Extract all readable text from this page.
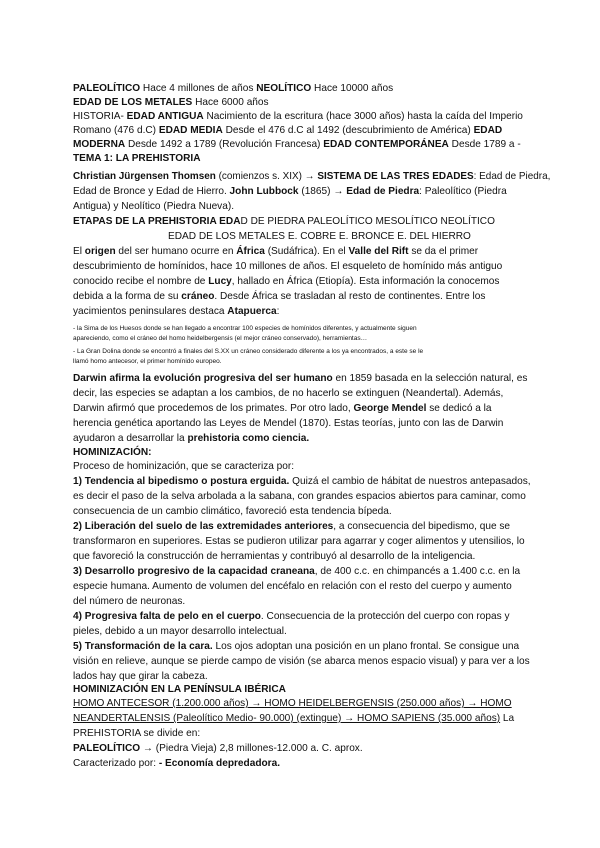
PALEOLÍTICO Hace 4 millones de años NEOLÍTICO Hace 10000 años
EDAD DE LOS METALES Hace 6000 años
HISTORIA- EDAD ANTIGUA Nacimiento de la escritura (hace 3000 años) hasta la caída del Imperio
Romano (476 d.C) EDAD MEDIA Desde el 476 d.C al 1492 (descubrimiento de América) EDAD
MODERNA Desde 1492 a 1789 (Revolución Francesa) EDAD CONTEMPORÁNEA Desde 1789 a -
TEMA 1: LA PREHISTORIA
Christian Jürgensen Thomsen (comienzos s. XIX) → SISTEMA DE LAS TRES EDADES: Edad de Piedra,
Edad de Bronce y Edad de Hierro. John Lubbock (1865) → Edad de Piedra: Paleolítico (Piedra
Antigua) y Neolítico (Piedra Nueva).
ETAPAS DE LA PREHISTORIA EDAD DE PIEDRA PALEOLÍTICO MESOLÍTICO NEOLÍTICO
EDAD DE LOS METALES E. COBRE E. BRONCE E. DEL HIERRO
El origen del ser humano ocurre en África (Sudáfrica). En el Valle del Rift se da el primer
descubrimiento de homínidos, hace 10 millones de años. El esqueleto de homínido más antiguo
conocido recibe el nombre de Lucy, hallado en África (Etiopía). Esta información la conocemos
debida a la forma de su cráneo. Desde África se trasladan al resto de continentes. Entre los
yacimientos peninsulares destaca Atapuerca:
- la Sima de los Huesos donde se han llegado a encontrar 100 especies de homínidos diferentes, y actualmente siguen
apareciendo, como el cráneo del homo heidelbergensis (el mejor cráneo conservado), herramientas…
- La Gran Dolina donde se encontró a finales del S.XX un cráneo considerado diferente a los ya encontrados, a este se le
llamó homo antecesor, el primer homínido europeo.
Darwin afirma la evolución progresiva del ser humano en 1859 basada en la selección natural, es
decir, las especies se adaptan a los cambios, de no hacerlo se extinguen (Neandertal). Además,
Darwin afirmó que procedemos de los primates. Por otro lado, George Mendel se dedicó a la
herencia genética aportando las Leyes de Mendel (1870). Estas teorías, junto con las de Darwin
ayudaron a desarrollar la prehistoria como ciencia.
HOMINIZACIÓN:
Proceso de hominización, que se caracteriza por:
1) Tendencia al bipedismo o postura erguida. Quizá el cambio de hábitat de nuestros antepasados,
es decir el paso de la selva arbolada a la sabana, con grandes espacios abiertos para caminar, como
consecuencia de un cambio climático, favoreció esta tendencia bípeda.
2) Liberación del suelo de las extremidades anteriores, a consecuencia del bipedismo, que se
transformaron en superiores. Estas se pudieron utilizar para agarrar y coger alimentos y utensilios, lo
que favoreció la construcción de herramientas y contribuyó al desarrollo de la inteligencia.
3) Desarrollo progresivo de la capacidad craneana, de 400 c.c. en chimpancés a 1.400 c.c. en la
especie humana. Aumento de volumen del encéfalo en relación con el resto del cuerpo y aumento
del número de neuronas.
4) Progresiva falta de pelo en el cuerpo. Consecuencia de la protección del cuerpo con ropas y
pieles, debido a un mayor desarrollo intelectual.
5) Transformación de la cara. Los ojos adoptan una posición en un plano frontal. Se consigue una
visión en relieve, aunque se pierde campo de visión (se abarca menos espacio visual) y para ver a los
lados hay que girar la cabeza.
HOMINIZACIÓN EN LA PENÍNSULA IBÉRICA
HOMO ANTECESOR (1.200.000 años) → HOMO HEIDELBERGENSIS (250.000 años) → HOMO
NEANDERTALENSIS (Paleolítico Medio- 90.000) (extingue) → HOMO SAPIENS (35.000 años) La
PREHISTORIA se divide en:
PALEOLÍTICO → (Piedra Vieja) 2,8 millones-12.000 a. C. aprox.
Caracterizado por: - Economía depredadora.
